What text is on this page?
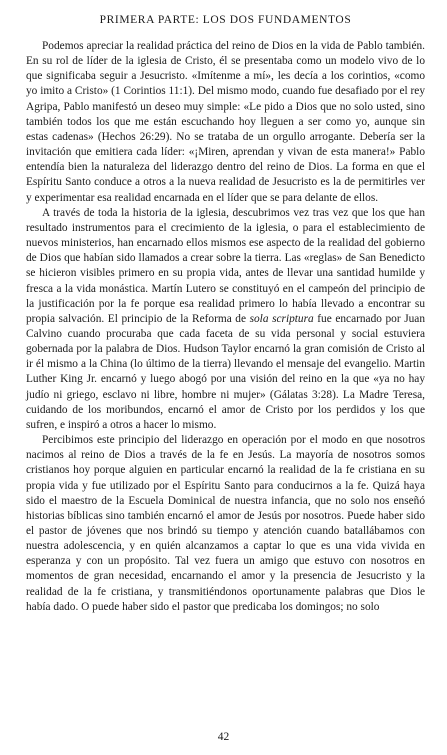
PRIMERA PARTE: LOS DOS FUNDAMENTOS

Podemos apreciar la realidad práctica del reino de Dios en la vida de Pablo también. En su rol de líder de la iglesia de Cristo, él se presentaba como un modelo vivo de lo que significaba seguir a Jesucristo. «Imítenme a mí», les decía a los corintios, «como yo imito a Cristo» (1 Corintios 11:1). Del mismo modo, cuando fue desafiado por el rey Agripa, Pablo manifestó un deseo muy simple: «Le pido a Dios que no solo usted, sino también todos los que me están escuchando hoy lleguen a ser como yo, aunque sin estas cadenas» (Hechos 26:29). No se trataba de un orgullo arrogante. Debería ser la invitación que emitiera cada líder: «¡Miren, aprendan y vivan de esta manera!» Pablo entendía bien la naturaleza del liderazgo dentro del reino de Dios. La forma en que el Espíritu Santo conduce a otros a la nueva realidad de Jesucristo es la de permitirles ver y experimentar esa realidad encarnada en el líder que se para delante de ellos.

A través de toda la historia de la iglesia, descubrimos vez tras vez que los que han resultado instrumentos para el crecimiento de la iglesia, o para el establecimiento de nuevos ministerios, han encarnado ellos mismos ese aspecto de la realidad del gobierno de Dios que habían sido llamados a crear sobre la tierra. Las «reglas» de San Benedicto se hicieron visibles primero en su propia vida, antes de llevar una santidad humilde y fresca a la vida monástica. Martín Lutero se constituyó en el campeón del principio de la justificación por la fe porque esa realidad primero lo había llevado a encontrar su propia salvación. El principio de la Reforma de sola scriptura fue encarnado por Juan Calvino cuando procuraba que cada faceta de su vida personal y social estuviera gobernada por la palabra de Dios. Hudson Taylor encarnó la gran comisión de Cristo al ir él mismo a la China (lo último de la tierra) llevando el mensaje del evangelio. Martin Luther King Jr. encarnó y luego abogó por una visión del reino en la que «ya no hay judío ni griego, esclavo ni libre, hombre ni mujer» (Gálatas 3:28). La Madre Teresa, cuidando de los moribundos, encarnó el amor de Cristo por los perdidos y los que sufren, e inspiró a otros a hacer lo mismo.

Percibimos este principio del liderazgo en operación por el modo en que nosotros nacimos al reino de Dios a través de la fe en Jesús. La mayoría de nosotros somos cristianos hoy porque alguien en particular encarnó la realidad de la fe cristiana en su propia vida y fue utilizado por el Espíritu Santo para conducirnos a la fe. Quizá haya sido el maestro de la Escuela Dominical de nuestra infancia, que no solo nos enseñó historias bíblicas sino también encarnó el amor de Jesús por nosotros. Puede haber sido el pastor de jóvenes que nos brindó su tiempo y atención cuando batallábamos con nuestra adolescencia, y en quién alcanzamos a captar lo que es una vida vivida en esperanza y con un propósito. Tal vez fuera un amigo que estuvo con nosotros en momentos de gran necesidad, encarnando el amor y la presencia de Jesucristo y la realidad de la fe cristiana, y transmitiéndonos oportunamente palabras que Dios le había dado. O puede haber sido el pastor que predicaba los domingos; no solo

42
